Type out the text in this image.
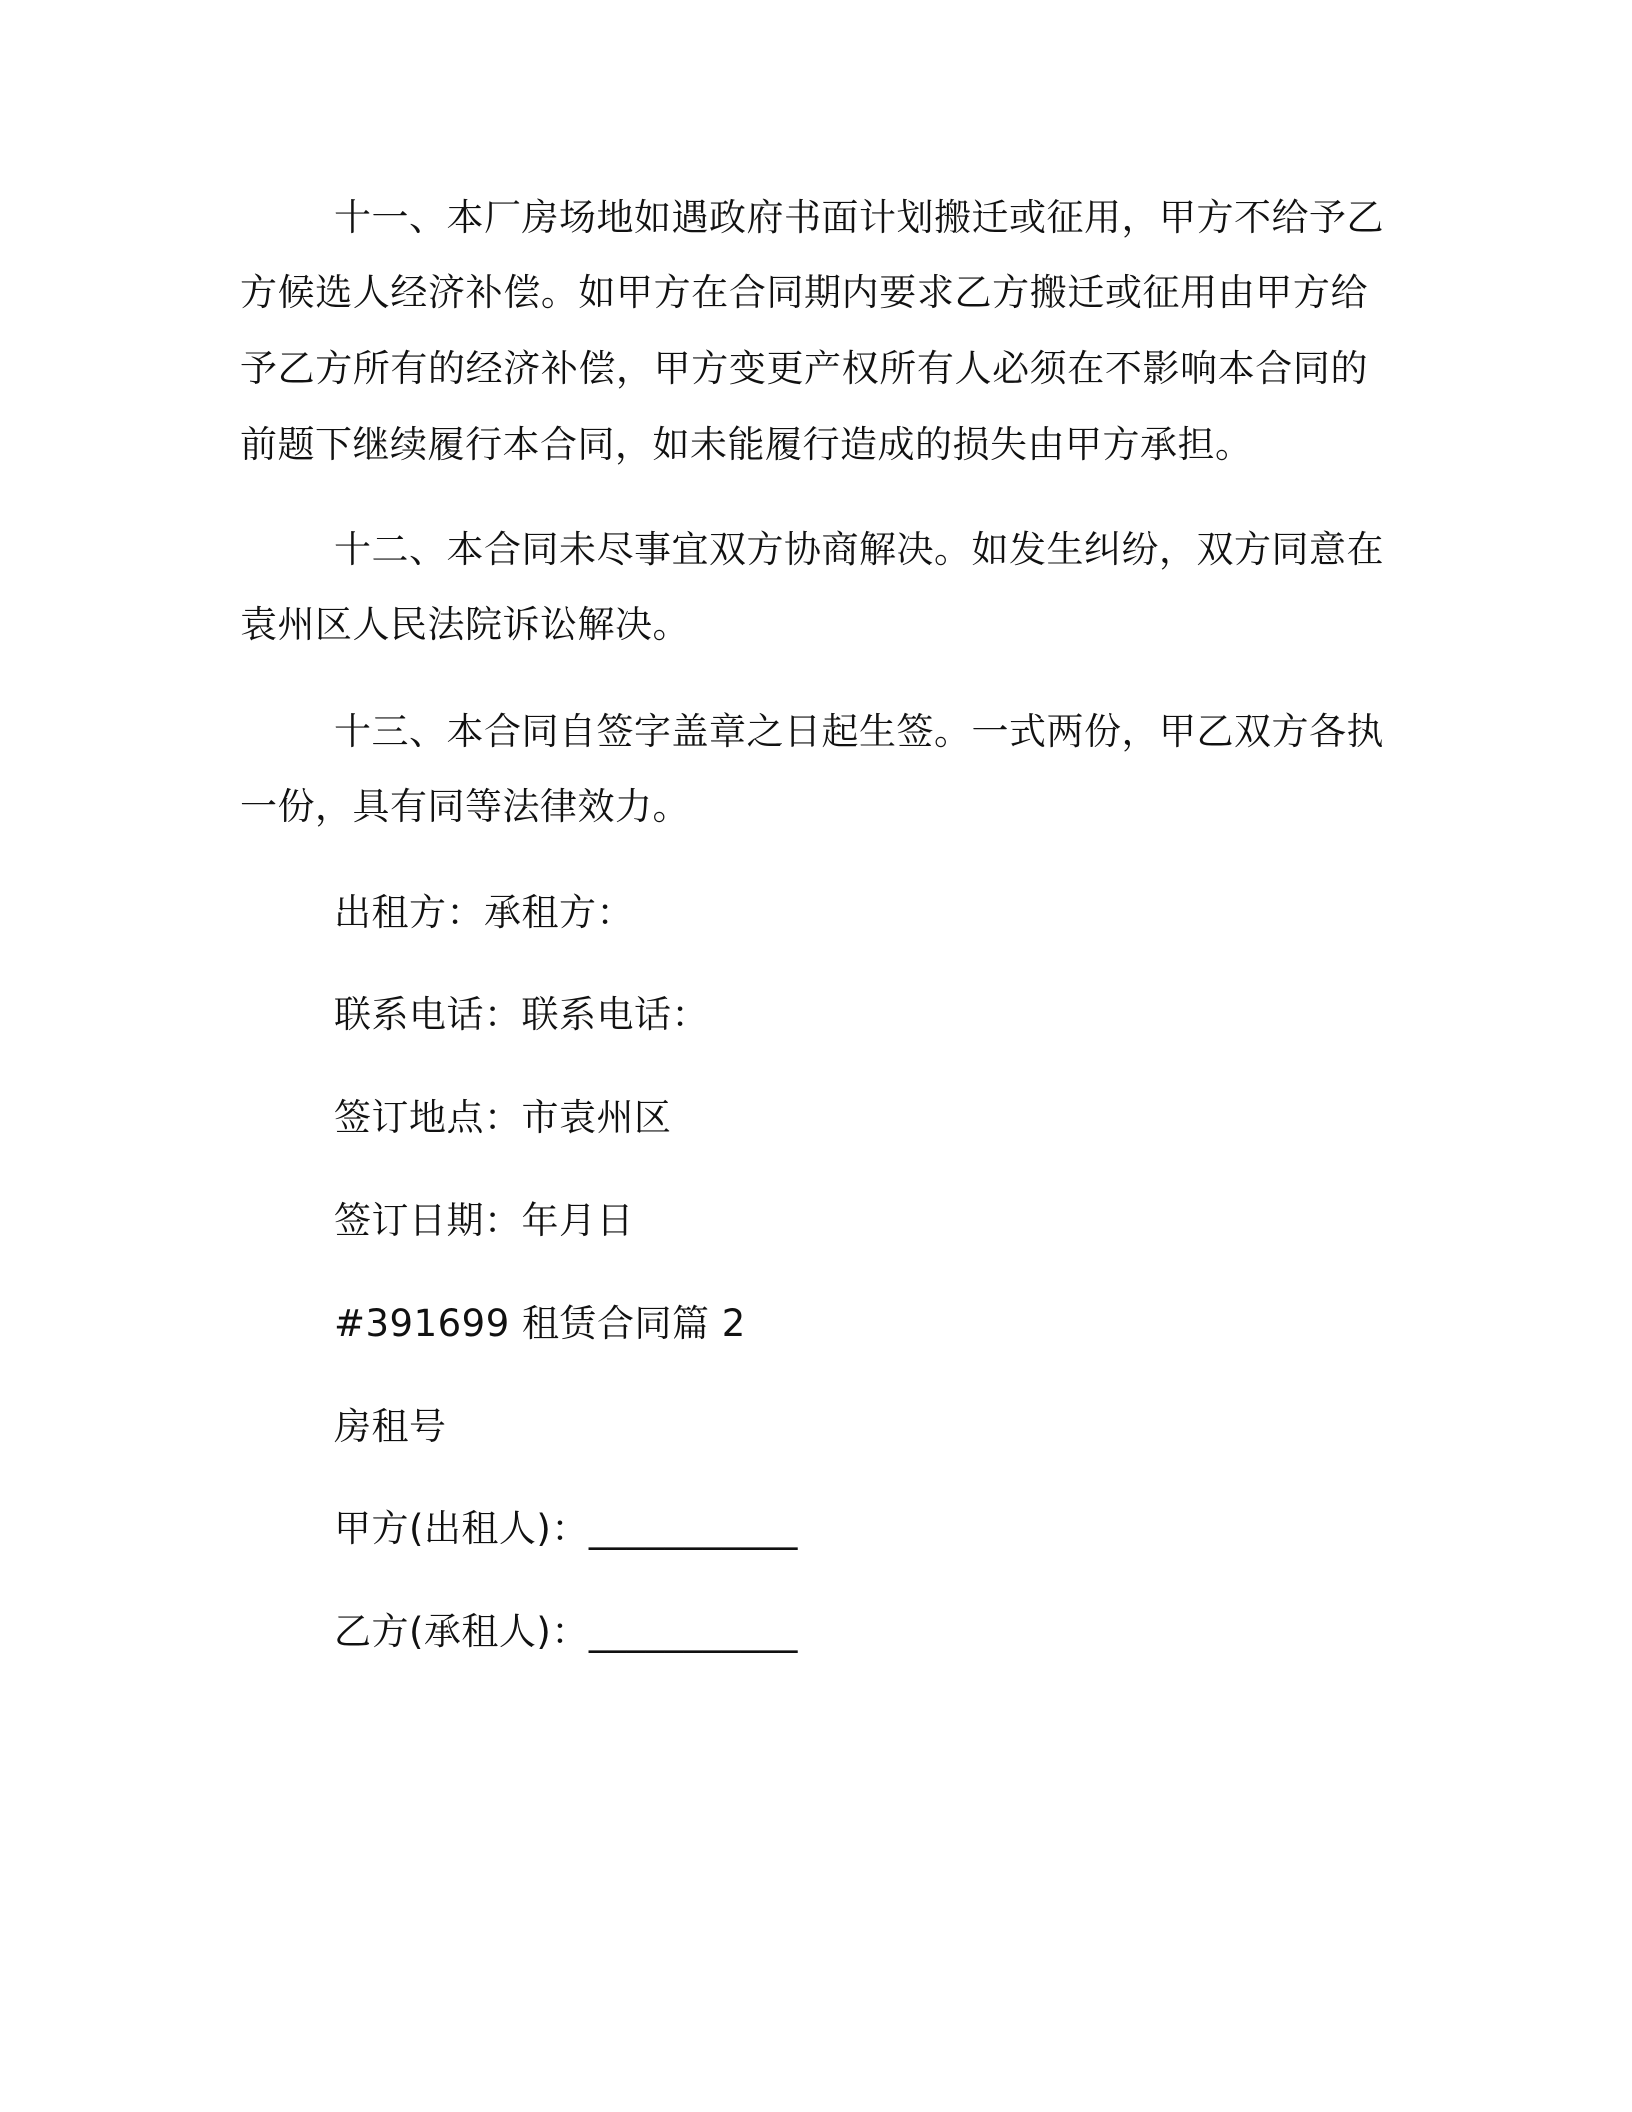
十一、本厂房场地如遇政府书面计划搬迁或征用，甲方不给予乙
方候选人经济补偿。如甲方在合同期内要求乙方搬迁或征用由甲方给
予乙方所有的经济补偿，甲方变更产权所有人必须在不影响本合同的
前题下继续履行本合同，如未能履行造成的损失由甲方承担。
十二、本合同未尽事宜双方协商解决。如发生纠纷，双方同意在
袁州区人民法院诉讼解决。
十三、本合同自签字盖章之日起生签。一式两份，甲乙双方各执
一份，具有同等法律效力。
出租方：承租方：
联系电话：联系电话：
签订地点：市袁州区
签订日期：年月日
#391699 租赁合同篇 2
房租号
甲方(出租人)：___________
乙方(承租人)：___________
